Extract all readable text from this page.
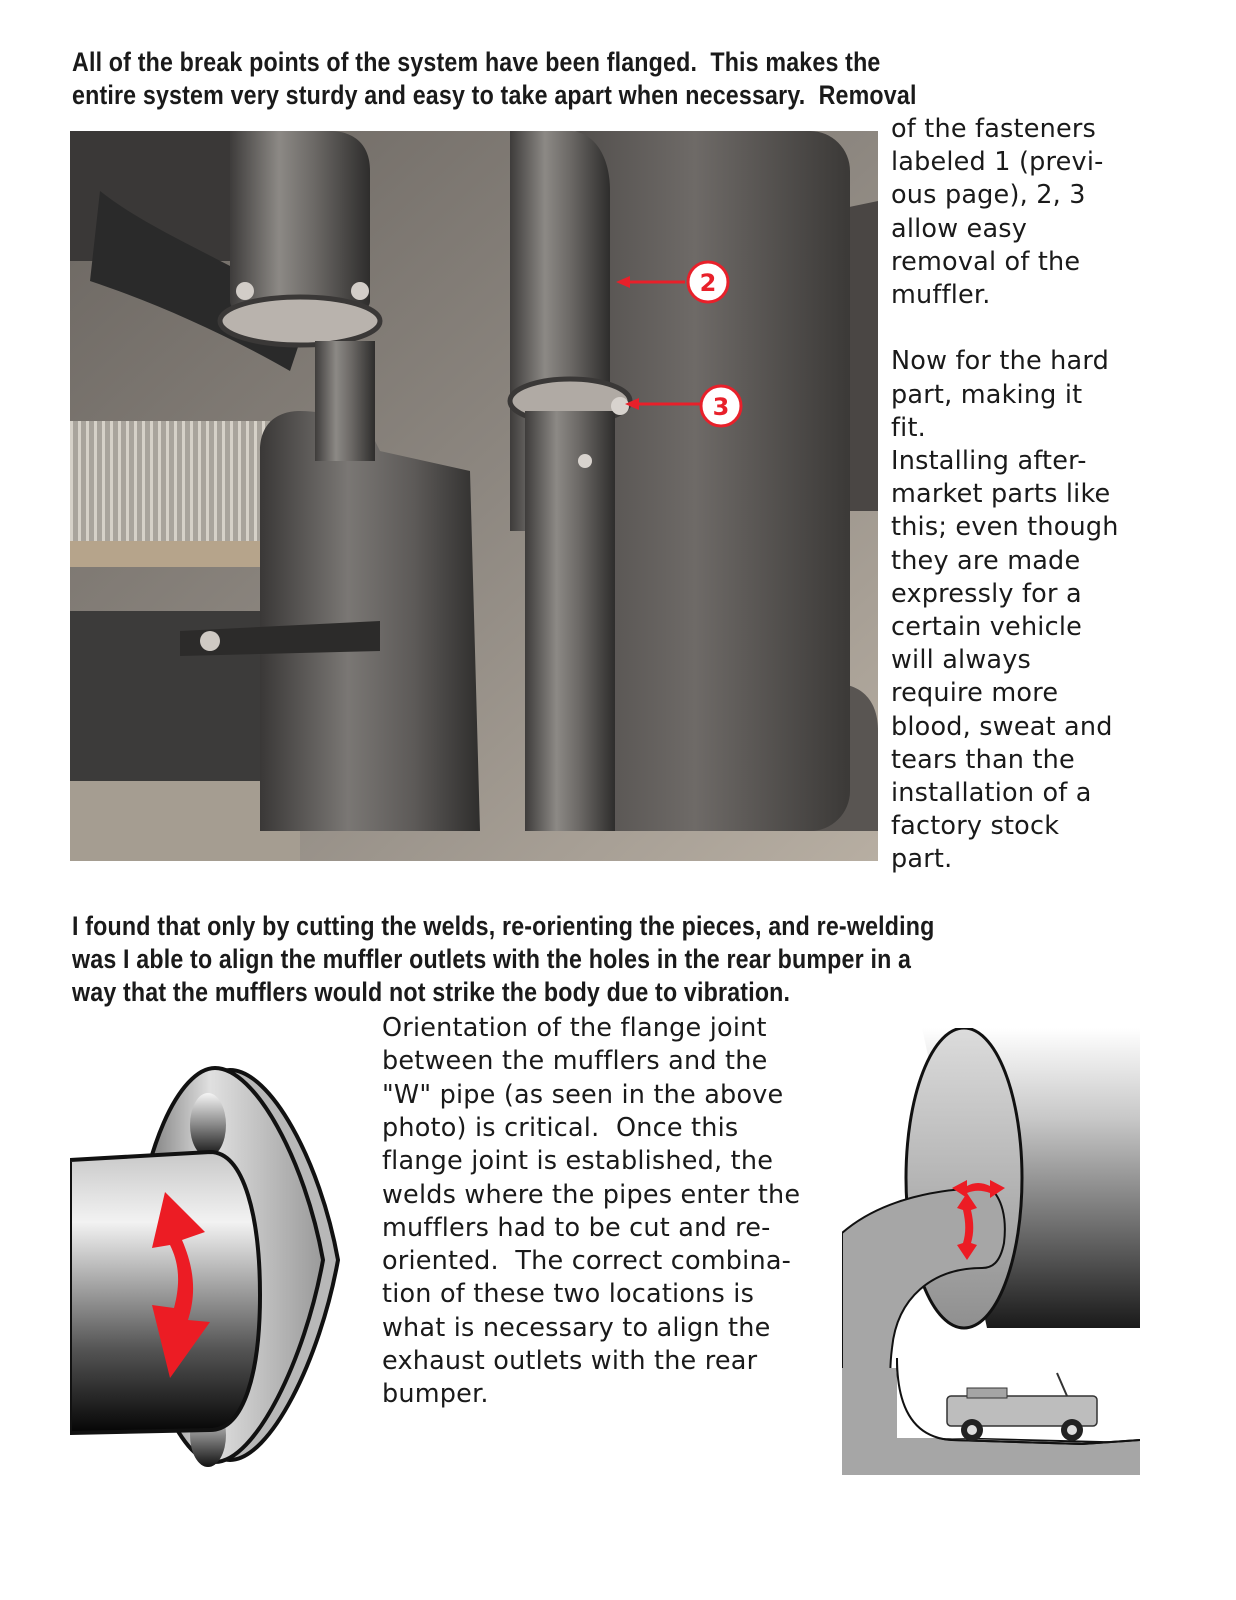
All of the break points of the system have been flanged.  This makes the
entire system very sturdy and easy to take apart when necessary.  Removal
2
3
of the fasteners
labeled 1 (previ-
ous page), 2, 3
allow easy
removal of the
muffler.
Now for the hard
part, making it
fit.
Installing after-
market parts like
this; even though
they are made
expressly for a
certain vehicle
will always
require more
blood, sweat and
tears than the
installation of a
factory stock
part.
I found that only by cutting the welds, re-orienting the pieces, and re-welding
was I able to align the muffler outlets with the holes in the rear bumper in a
way that the mufflers would not strike the body due to vibration.
Orientation of the flange joint
between the mufflers and the
"W" pipe (as seen in the above
photo) is critical.  Once this
flange joint is established, the
welds where the pipes enter the
mufflers had to be cut and re-
oriented.  The correct combina-
tion of these two locations is
what is necessary to align the
exhaust outlets with the rear
bumper.
